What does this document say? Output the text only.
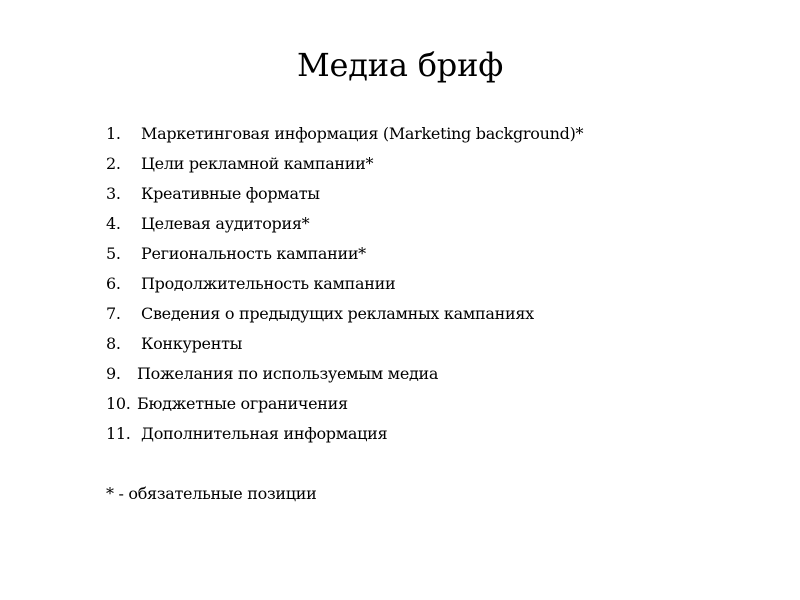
Медиа бриф
1.	Маркетинговая информация (Marketing background)*
2.	Цели рекламной кампании*
3.	Креативные форматы
4.	Целевая аудитория*
5.	Региональность кампании*
6.	Продолжительность кампании
7.	Сведения о предыдущих рекламных кампаниях
8.	Конкуренты
9.	Пожелания по используемым медиа
10. Бюджетные ограничения
11. Дополнительная информация
* - обязательные позиции
